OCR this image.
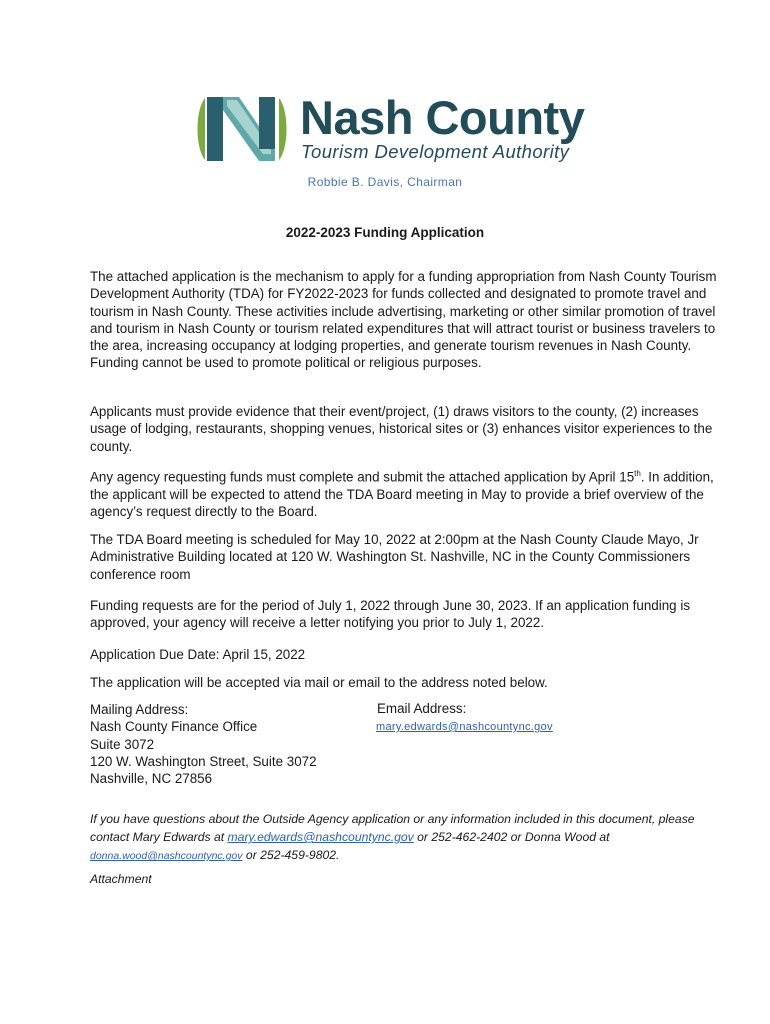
Nash County
Tourism Development Authority
Robbie B. Davis, Chairman
2022-2023 Funding Application

The attached application is the mechanism to apply for a funding appropriation from Nash County Tourism Development Authority (TDA) for FY2022-2023 for funds collected and designated to promote travel and tourism in Nash County. These activities include advertising, marketing or other similar promotion of travel and tourism in Nash County or tourism related expenditures that will attract tourist or business travelers to the area, increasing occupancy at lodging properties, and generate tourism revenues in Nash County. Funding cannot be used to promote political or religious purposes.

Applicants must provide evidence that their event/project, (1) draws visitors to the county, (2) increases usage of lodging, restaurants, shopping venues, historical sites or (3) enhances visitor experiences to the county.

Any agency requesting funds must complete and submit the attached application by April 15th. In addition, the applicant will be expected to attend the TDA Board meeting in May to provide a brief overview of the agency’s request directly to the Board.

The TDA Board meeting is scheduled for May 10, 2022 at 2:00pm at the Nash County Claude Mayo, Jr Administrative Building located at 120 W. Washington St. Nashville, NC in the County Commissioners conference room

Funding requests are for the period of July 1, 2022 through June 30, 2023. If an application funding is approved, your agency will receive a letter notifying you prior to July 1, 2022.

Application Due Date: April 15, 2022

The application will be accepted via mail or email to the address noted below.

Mailing Address:
Nash County Finance Office
Suite 3072
120 W. Washington Street, Suite 3072
Nashville, NC 27856
Email Address:
mary.edwards@nashcountync.gov

If you have questions about the Outside Agency application or any information included in this document, please contact Mary Edwards at mary.edwards@nashcountync.gov or 252-462-2402 or Donna Wood at
donna.wood@nashcountync.gov or 252-459-9802.

Attachment
